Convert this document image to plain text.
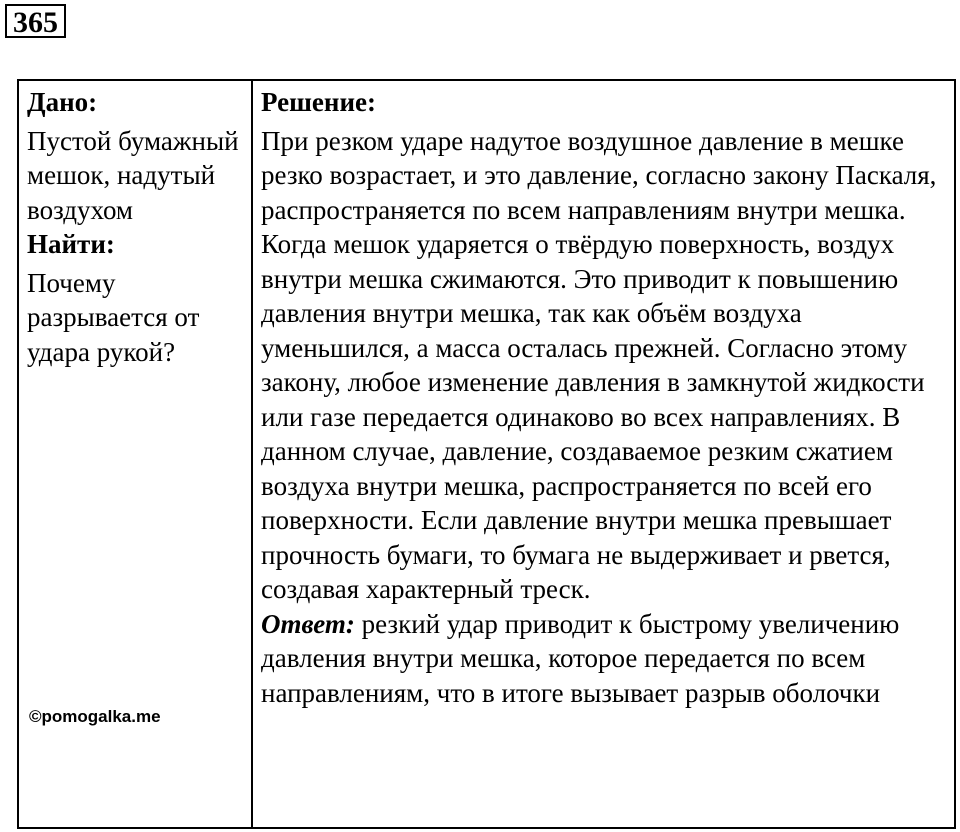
365

Дано:

Пустой бумажный мешок, надутый воздухом

Найти:

Почему разрывается от удара рукой?

Решение:

При резком ударе надутое воздушное давление в мешке резко возрастает, и это давление, согласно закону Паскаля, распространяется по всем направлениям внутри мешка.

Когда мешок ударяется о твёрдую поверхность, воздух внутри мешка сжимаются. Это приводит к повышению давления внутри мешка, так как объём воздуха уменьшился, а масса осталась прежней. Согласно этому закону, любое изменение давления в замкнутой жидкости или газе передается одинаково во всех направлениях. В данном случае, давление, создаваемое резким сжатием воздуха внутри мешка, распространяется по всей его поверхности. Если давление внутри мешка превышает прочность бумаги, то бумага не выдерживает и рвется, создавая характерный треск.

Ответ: резкий удар приводит к быстрому увеличению давления внутри мешка, которое передается по всем направлениям, что в итоге вызывает разрыв оболочки

©pomogalka.me
